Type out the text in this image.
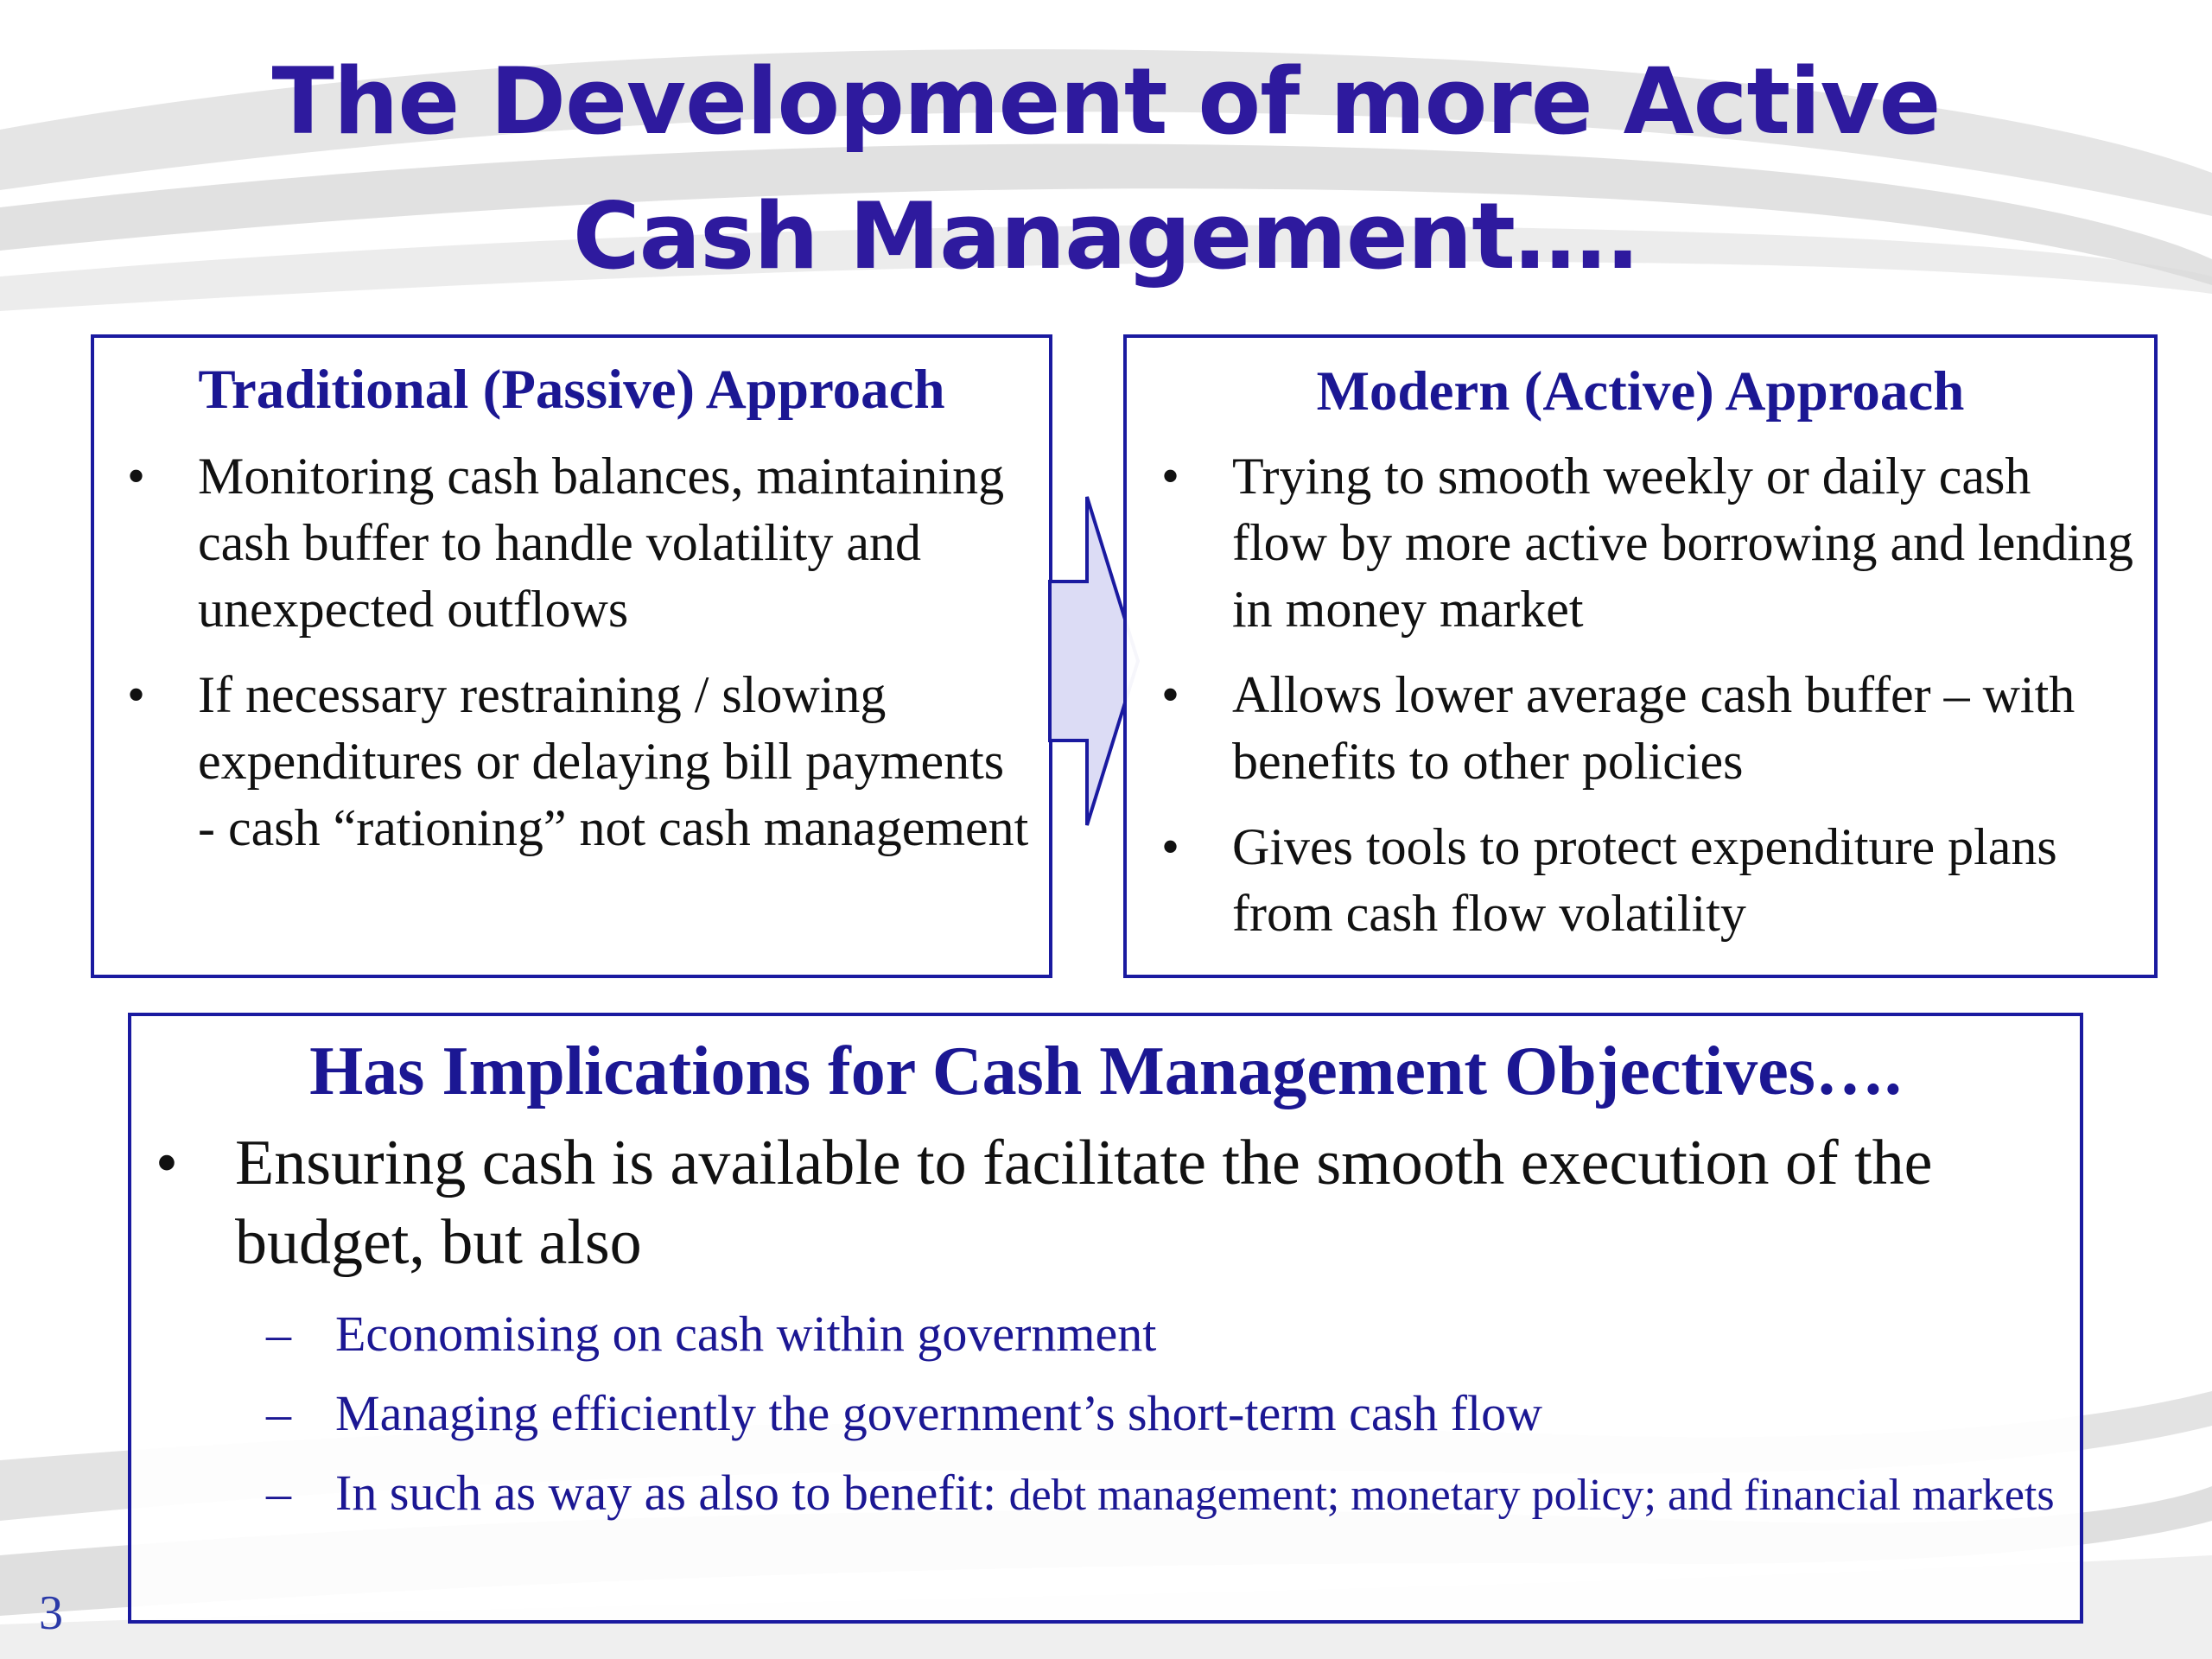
The Development of more Active Cash Management….
Traditional (Passive) Approach
• Monitoring cash balances, maintaining cash buffer to handle volatility and unexpected outflows
• If necessary restraining / slowing expenditures or delaying bill payments - cash “rationing” not cash management
Modern (Active) Approach
• Trying to smooth weekly or daily cash flow by more active borrowing and lending in money market
• Allows lower average cash buffer – with benefits to other policies
• Gives tools to protect expenditure plans from cash flow volatility
Has Implications for Cash Management Objectives….
• Ensuring cash is available to facilitate the smooth execution of the budget, but also
– Economising on cash within government
– Managing efficiently the government’s short-term cash flow
– In such as way as also to benefit: debt management; monetary policy; and financial markets
3
